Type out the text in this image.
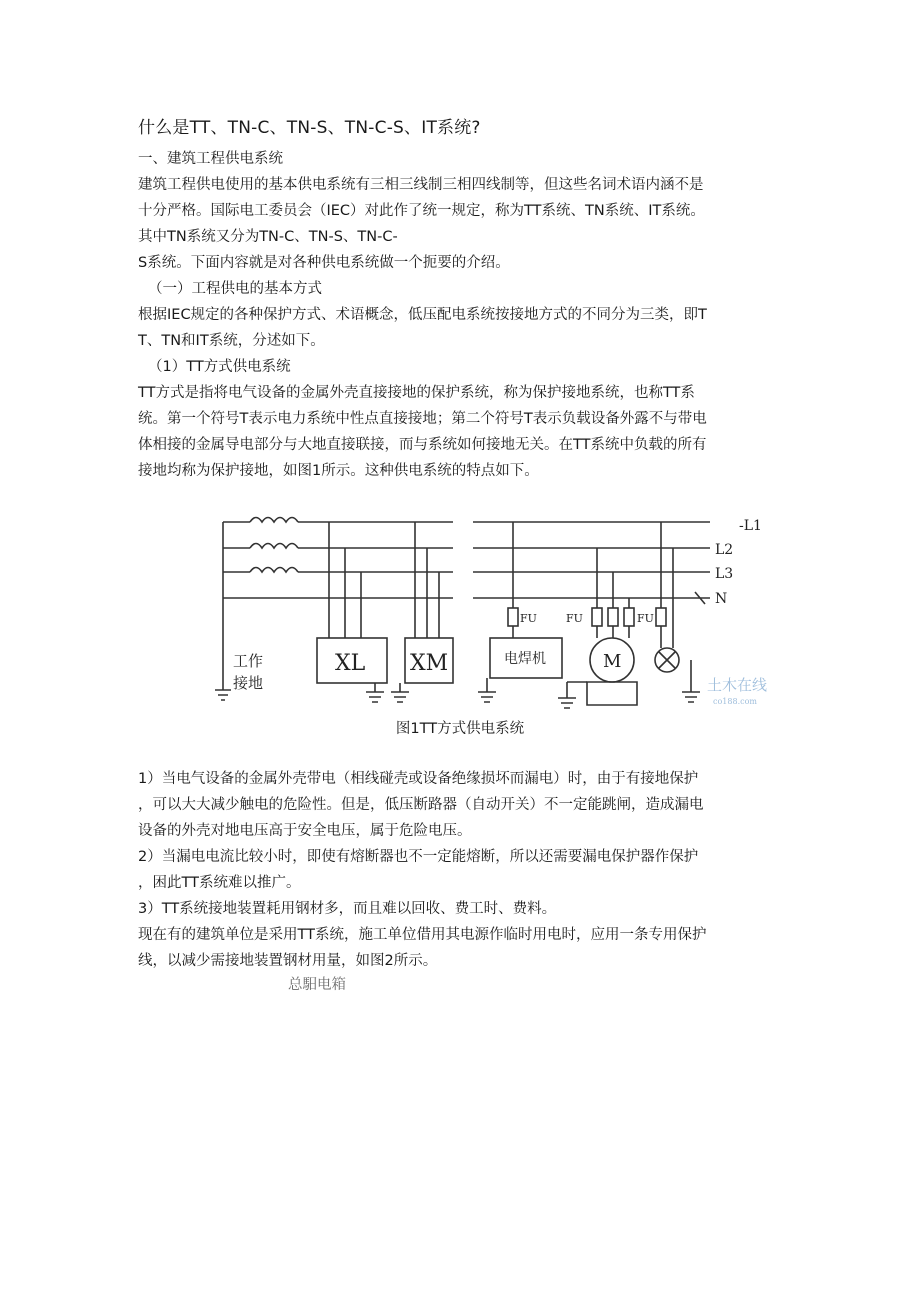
什么是TT、TN-C、TN-S、TN-C-S、IT系统?
一、建筑工程供电系统
建筑工程供电使用的基本供电系统有三相三线制三相四线制等，但这些名词术语内涵不是
十分严格。国际电工委员会（IEC）对此作了统一规定，称为TT系统、TN系统、IT系统。
其中TN系统又分为TN-C、TN-S、TN-C-
S系统。下面内容就是对各种供电系统做一个扼要的介绍。
（一）工程供电的基本方式
根据IEC规定的各种保护方式、术语概念，低压配电系统按接地方式的不同分为三类，即T
T、TN和IT系统，分述如下。
（1）TT方式供电系统
TT方式是指将电气设备的金属外壳直接接地的保护系统，称为保护接地系统，也称TT系
统。第一个符号T表示电力系统中性点直接接地；第二个符号T表示负载设备外露不与带电
体相接的金属导电部分与大地直接联接，而与系统如何接地无关。在TT系统中负载的所有
接地均称为保护接地，如图1所示。这种供电系统的特点如下。
-L1
L2
L3
N
XL XM
工作
接地
电焊机	M
FU	FU	FU
土木在线
co188.com
图1TT方式供电系统
1）当电气设备的金属外壳带电（相线碰壳或设备绝缘损坏而漏电）时，由于有接地保护
，可以大大减少触电的危险性。但是，低压断路器（自动开关）不一定能跳闸，造成漏电
设备的外壳对地电压高于安全电压，属于危险电压。
2）当漏电电流比较小时，即使有熔断器也不一定能熔断，所以还需要漏电保护器作保护
，困此TT系统难以推广。
3）TT系统接地装置耗用钢材多，而且难以回收、费工时、费料。
现在有的建筑单位是采用TT系统，施工单位借用其电源作临时用电时，应用一条专用保护
线，以减少需接地装置钢材用量，如图2所示。
总馹电箱
